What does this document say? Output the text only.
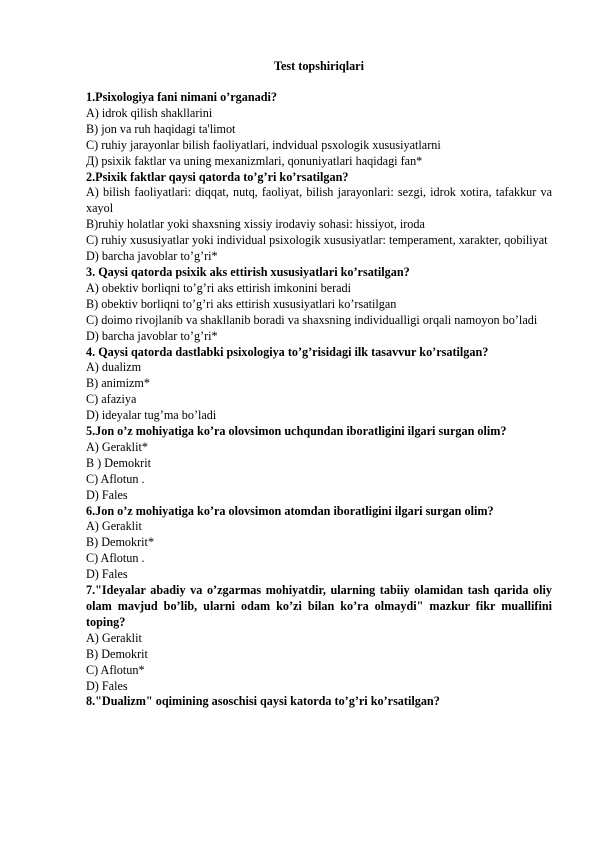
Test topshiriqlari

1.Psixologiya fani nimani o’rganadi?

A) idrok qilish shakllarini

B) jon va ruh haqidagi ta'limot

C) ruhiy jarayonlar bilish faoliyatlari, indvidual psxologik xususiyatlarni

Д) psixik faktlar va uning mexanizmlari, qonuniyatlari haqidagi fan*

2.Psixik faktlar qaysi qatorda to’g’ri ko’rsatilgan?

A) bilish faoliyatlari: diqqat, nutq, faoliyat, bilish jarayonlari: sezgi, idrok xotira, tafakkur va xayol

B)ruhiy holatlar yoki shaxsning xissiy irodaviy sohasi: hissiyot, iroda

C) ruhiy xususiyatlar yoki individual psixologik xususiyatlar: temperament, xarakter, qobiliyat

D) barcha javoblar to’g’ri*

3. Qaysi qatorda psixik aks ettirish xususiyatlari ko’rsatilgan?

A) obektiv borliqni to’g’ri aks ettirish imkonini beradi

B) obektiv borliqni to’g’ri aks ettirish xususiyatlari ko’rsatilgan

C) doimo rivojlanib va shakllanib boradi va shaxsning individualligi orqali namoyon bo’ladi

D) barcha javoblar to’g’ri*

4. Qaysi qatorda dastlabki psixologiya to’g’risidagi ilk tasavvur ko’rsatilgan?

A) dualizm

B) animizm*

C) afaziya

D) ideyalar tug’ma bo’ladi

5.Jon o’z mohiyatiga ko’ra olovsimon uchqundan iboratligini ilgari surgan olim?

A) Geraklit*

B ) Demokrit

C) Aflotun .

D) Fales

6.Jon o’z mohiyatiga ko’ra olovsimon atomdan iboratligini ilgari surgan olim?

A) Geraklit

B) Demokrit*

C) Aflotun .

D) Fales

7."Ideyalar abadiy va o’zgarmas mohiyatdir, ularning tabiiy olamidan tash qarida oliy olam mavjud bo’lib, ularni odam ko’zi bilan ko’ra olmaydi" mazkur fikr muallifini toping?

A) Geraklit

B) Demokrit

C) Aflotun*

D) Fales

8."Dualizm" oqimining asoschisi qaysi katorda to’g’ri ko’rsatilgan?
